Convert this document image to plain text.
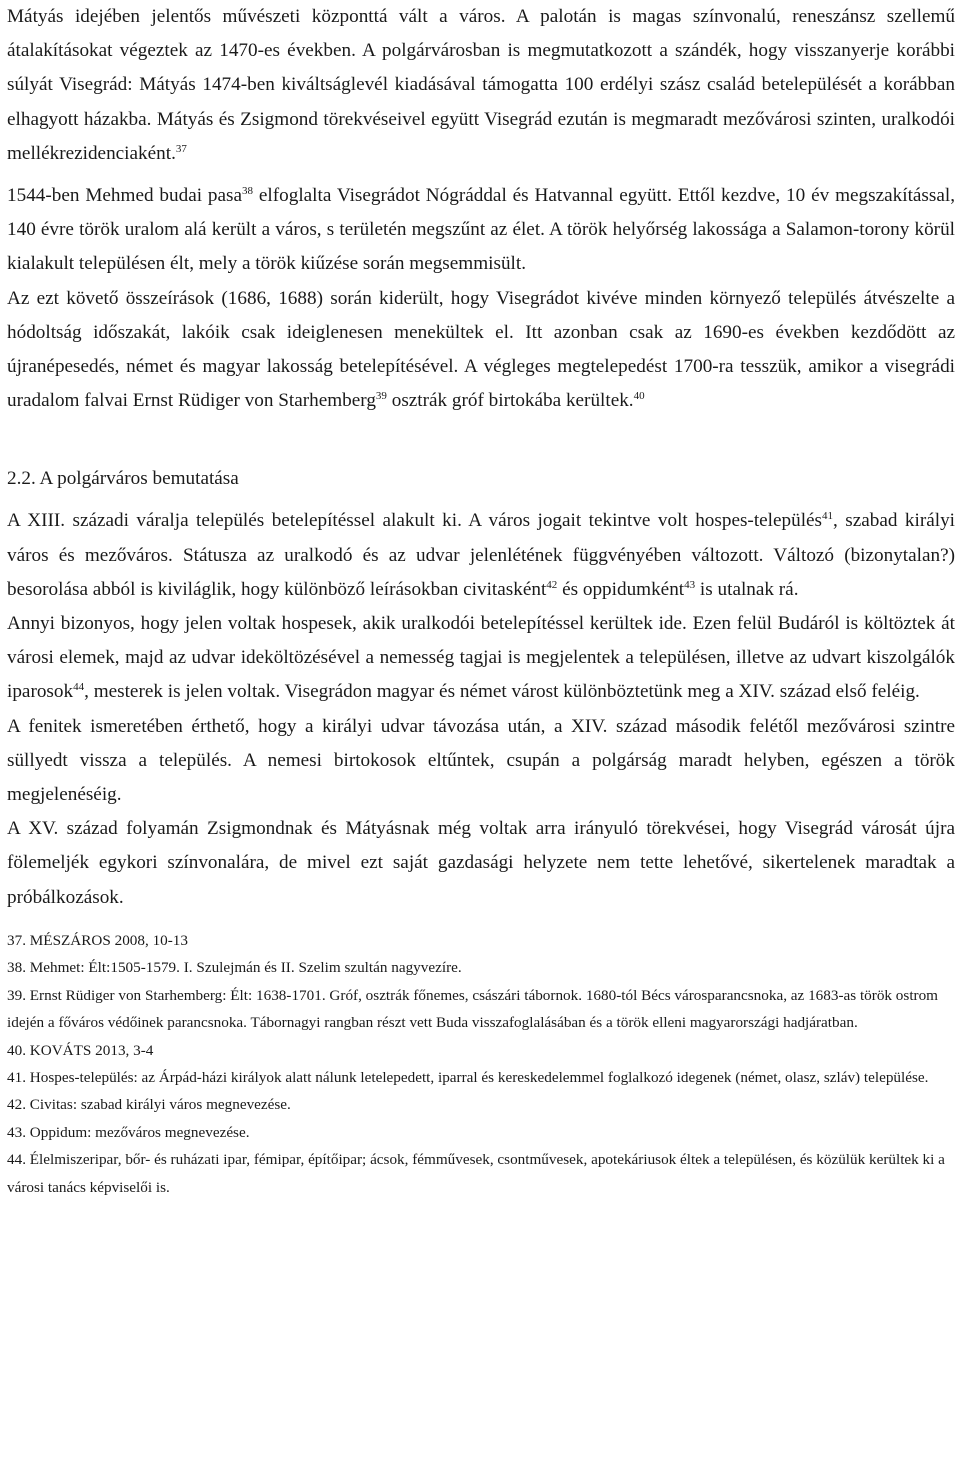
Mátyás idejében jelentős művészeti központtá vált a város. A palotán is magas színvonalú, reneszánsz szellemű átalakításokat végeztek az 1470-es években. A polgárvárosban is megmutatkozott a szándék, hogy visszanyerje korábbi súlyát Visegrád: Mátyás 1474-ben kiváltságlevél kiadásával támogatta 100 erdélyi szász család betelepülését a korábban elhagyott házakba. Mátyás és Zsigmond törekvéseivel együtt Visegrád ezután is megmaradt mezővárosi szinten, uralkodói mellékrezidenciaként.$^{37}$

1544-ben Mehmed budai pasa$^{38}$ elfoglalta Visegrádot Nógráddal és Hatvannal együtt. Ettől kezdve, 10 év megszakítással, 140 évre török uralom alá került a város, s területén megszűnt az élet. A török helyőrség lakossága a Salamon-torony körül kialakult településen élt, mely a török kiűzése során megsemmisült.

Az ezt követő összeírások (1686, 1688) során kiderült, hogy Visegrádot kivéve minden környező település átvészelte a hódoltság időszakát, lakóik csak ideiglenesen menekültek el. Itt azonban csak az 1690-es években kezdődött az újranépesedés, német és magyar lakosság betelepítésével. A végleges megtelepedést 1700-ra tesszük, amikor a visegrádi uradalom falvai Ernst Rüdiger von Starhemberg$^{39}$ osztrák gróf birtokába kerültek.$^{40}$

2.2. A polgárváros bemutatása

A XIII. századi váralja település betelepítéssel alakult ki. A város jogait tekintve volt hospes-település$^{41}$, szabad királyi város és mezőváros. Státusza az uralkodó és az udvar jelenlétének függvényében változott. Változó (bizonytalan?) besorolása abból is kiviláglik, hogy különböző leírásokban civitasként$^{42}$ és oppidumként$^{43}$ is utalnak rá.

Annyi bizonyos, hogy jelen voltak hospesek, akik uralkodói betelepítéssel kerültek ide. Ezen felül Budáról is költöztek át városi elemek, majd az udvar ideköltözésével a nemesség tagjai is megjelentek a településen, illetve az udvart kiszolgálók iparosok$^{44}$, mesterek is jelen voltak. Visegrádon magyar és német várost különböztetünk meg a XIV. század első feléig.

A fenitek ismeretében érthető, hogy a királyi udvar távozása után, a XIV. század második felétől mezővárosi szintre süllyedt vissza a település. A nemesi birtokosok eltűntek, csupán a polgárság maradt helyben, egészen a török megjelenéséig.

A XV. század folyamán Zsigmondnak és Mátyásnak még voltak arra irányuló törekvései, hogy Visegrád városát újra fölemeljék egykori színvonalára, de mivel ezt saját gazdasági helyzete nem tette lehetővé, sikertelenek maradtak a próbálkozások.

37. MÉSZÁROS 2008, 10-13

38. Mehmet: Élt:1505-1579. I. Szulejmán és II. Szelim szultán nagyvezíre.

39. Ernst Rüdiger von Starhemberg: Élt: 1638-1701. Gróf, osztrák főnemes, császári tábornok. 1680-tól Bécs városparancsnoka, az 1683-as török ostrom idején a főváros védőinek parancsnoka. Tábornagyi rangban részt vett Buda visszafoglalásában és a török elleni magyarországi hadjáratban.

40. KOVÁTS 2013, 3-4

41. Hospes-település: az Árpád-házi királyok alatt nálunk letelepedett, iparral és kereskedelemmel foglalkozó idegenek (német, olasz, szláv) települése.

42. Civitas: szabad királyi város megnevezése.

43. Oppidum: mezőváros megnevezése.

44. Élelmiszeripar, bőr- és ruházati ipar, fémipar, építőipar; ácsok, fémművesek, csontművesek, apotekáriusok éltek a településen, és közülük kerültek ki a városi tanács képviselői is.
